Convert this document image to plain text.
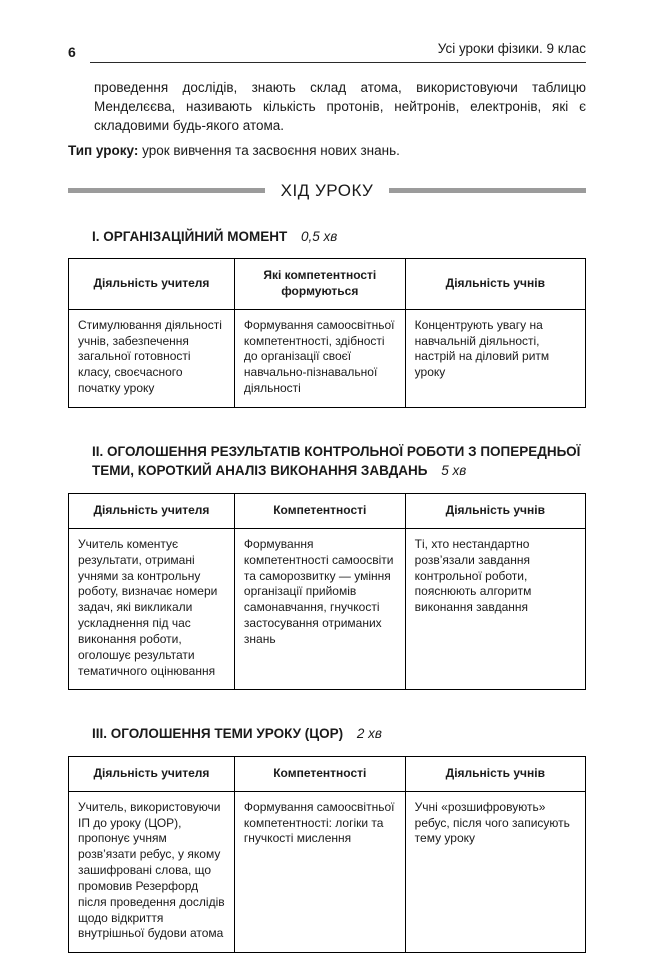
6	Усі уроки фізики. 9 клас

проведення дослідів, знають склад атома, використовуючи таблицю Менделєєва, називають кількість протонів, нейтронів, електронів, які є складовими будь-якого атома.

Тип уроку: урок вивчення та засвоєння нових знань.

ХІД УРОКУ
І. ОРГАНІЗАЦІЙНИЙ МОМЕНТ 0,5 хв
Діяльність учителя	Які компетентності формуються	Діяльність учнів
Стимулювання діяльності учнів, забезпечення загальної готовності класу, своєчасного початку уроку	Формування самоосвітньої компетентності, здібності до організації своєї навчально-пізнавальної діяльності	Концентрують увагу на навчальній діяльності, настрій на діловий ритм уроку
ІІ. ОГОЛОШЕННЯ РЕЗУЛЬТАТІВ КОНТРОЛЬНОЇ РОБОТИ З ПОПЕРЕДНЬОЇ ТЕМИ, КОРОТКИЙ АНАЛІЗ ВИКОНАННЯ ЗАВДАНЬ 5 хв
Діяльність учителя	Компетентності	Діяльність учнів
Учитель коментує результати, отримані учнями за контрольну роботу, визначає номери задач, які викликали ускладнення під час виконання роботи, оголошує результати тематичного оцінювання	Формування компетентності самоосвіти та саморозвитку — уміння організації прийомів самонавчання, гнучкості застосування отриманих знань	Ті, хто нестандартно розв’язали завдання контрольної роботи, пояснюють алгоритм виконання завдання
ІІІ. ОГОЛОШЕННЯ ТЕМИ УРОКУ (ЦОР) 2 хв
Діяльність учителя	Компетентності	Діяльність учнів
Учитель, використовуючи ІП до уроку (ЦОР), пропонує учням розв’язати ребус, у якому зашифровані слова, що промовив Резерфорд після проведення дослідів щодо відкриття внутрішньої будови атома	Формування самоосвітньої компетентності: логіки та гнучкості мислення	Учні «розшифровують» ребус, після чого записують тему уроку
